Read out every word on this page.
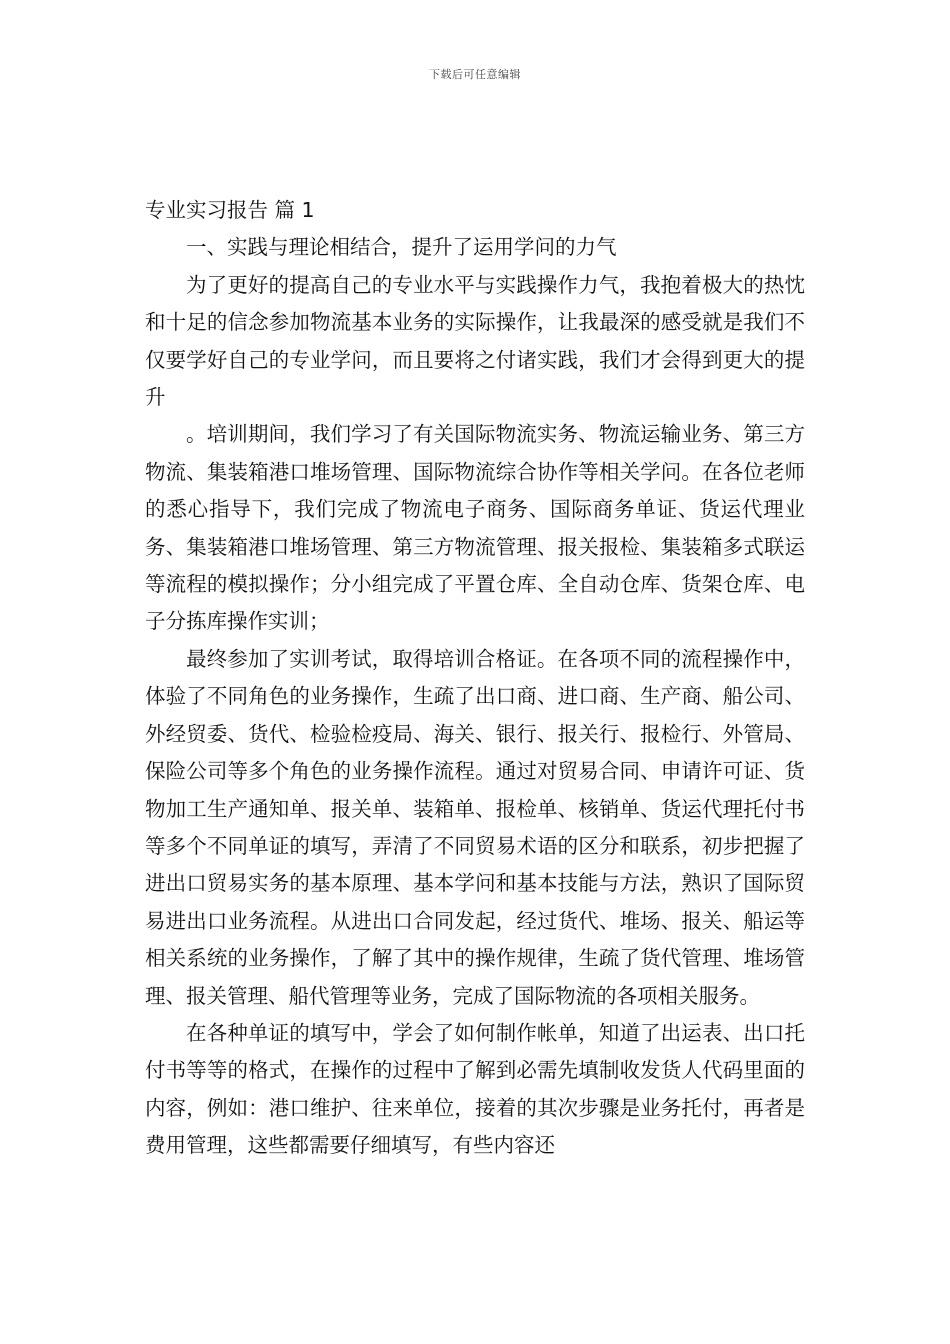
下载后可任意编辑
专业实习报告 篇 1

一、实践与理论相结合，提升了运用学问的力气

为了更好的提高自己的专业水平与实践操作力气，我抱着极大的热忱和十足的信念参加物流基本业务的实际操作，让我最深的感受就是我们不仅要学好自己的专业学问，而且要将之付诸实践，我们才会得到更大的提升

。培训期间，我们学习了有关国际物流实务、物流运输业务、第三方物流、集装箱港口堆场管理、国际物流综合协作等相关学问。在各位老师的悉心指导下，我们完成了物流电子商务、国际商务单证、货运代理业务、集装箱港口堆场管理、第三方物流管理、报关报检、集装箱多式联运等流程的模拟操作；分小组完成了平置仓库、全自动仓库、货架仓库、电子分拣库操作实训；

最终参加了实训考试，取得培训合格证。在各项不同的流程操作中，体验了不同角色的业务操作，生疏了出口商、进口商、生产商、船公司、外经贸委、货代、检验检疫局、海关、银行、报关行、报检行、外管局、保险公司等多个角色的业务操作流程。通过对贸易合同、申请许可证、货物加工生产通知单、报关单、装箱单、报检单、核销单、货运代理托付书等多个不同单证的填写，弄清了不同贸易术语的区分和联系，初步把握了进出口贸易实务的基本原理、基本学问和基本技能与方法，熟识了国际贸易进出口业务流程。从进出口合同发起，经过货代、堆场、报关、船运等相关系统的业务操作，了解了其中的操作规律，生疏了货代管理、堆场管理、报关管理、船代管理等业务，完成了国际物流的各项相关服务。

在各种单证的填写中，学会了如何制作帐单，知道了出运表、出口托付书等等的格式，在操作的过程中了解到必需先填制收发货人代码里面的内容，例如：港口维护、往来单位，接着的其次步骤是业务托付，再者是费用管理，这些都需要仔细填写，有些内容还
